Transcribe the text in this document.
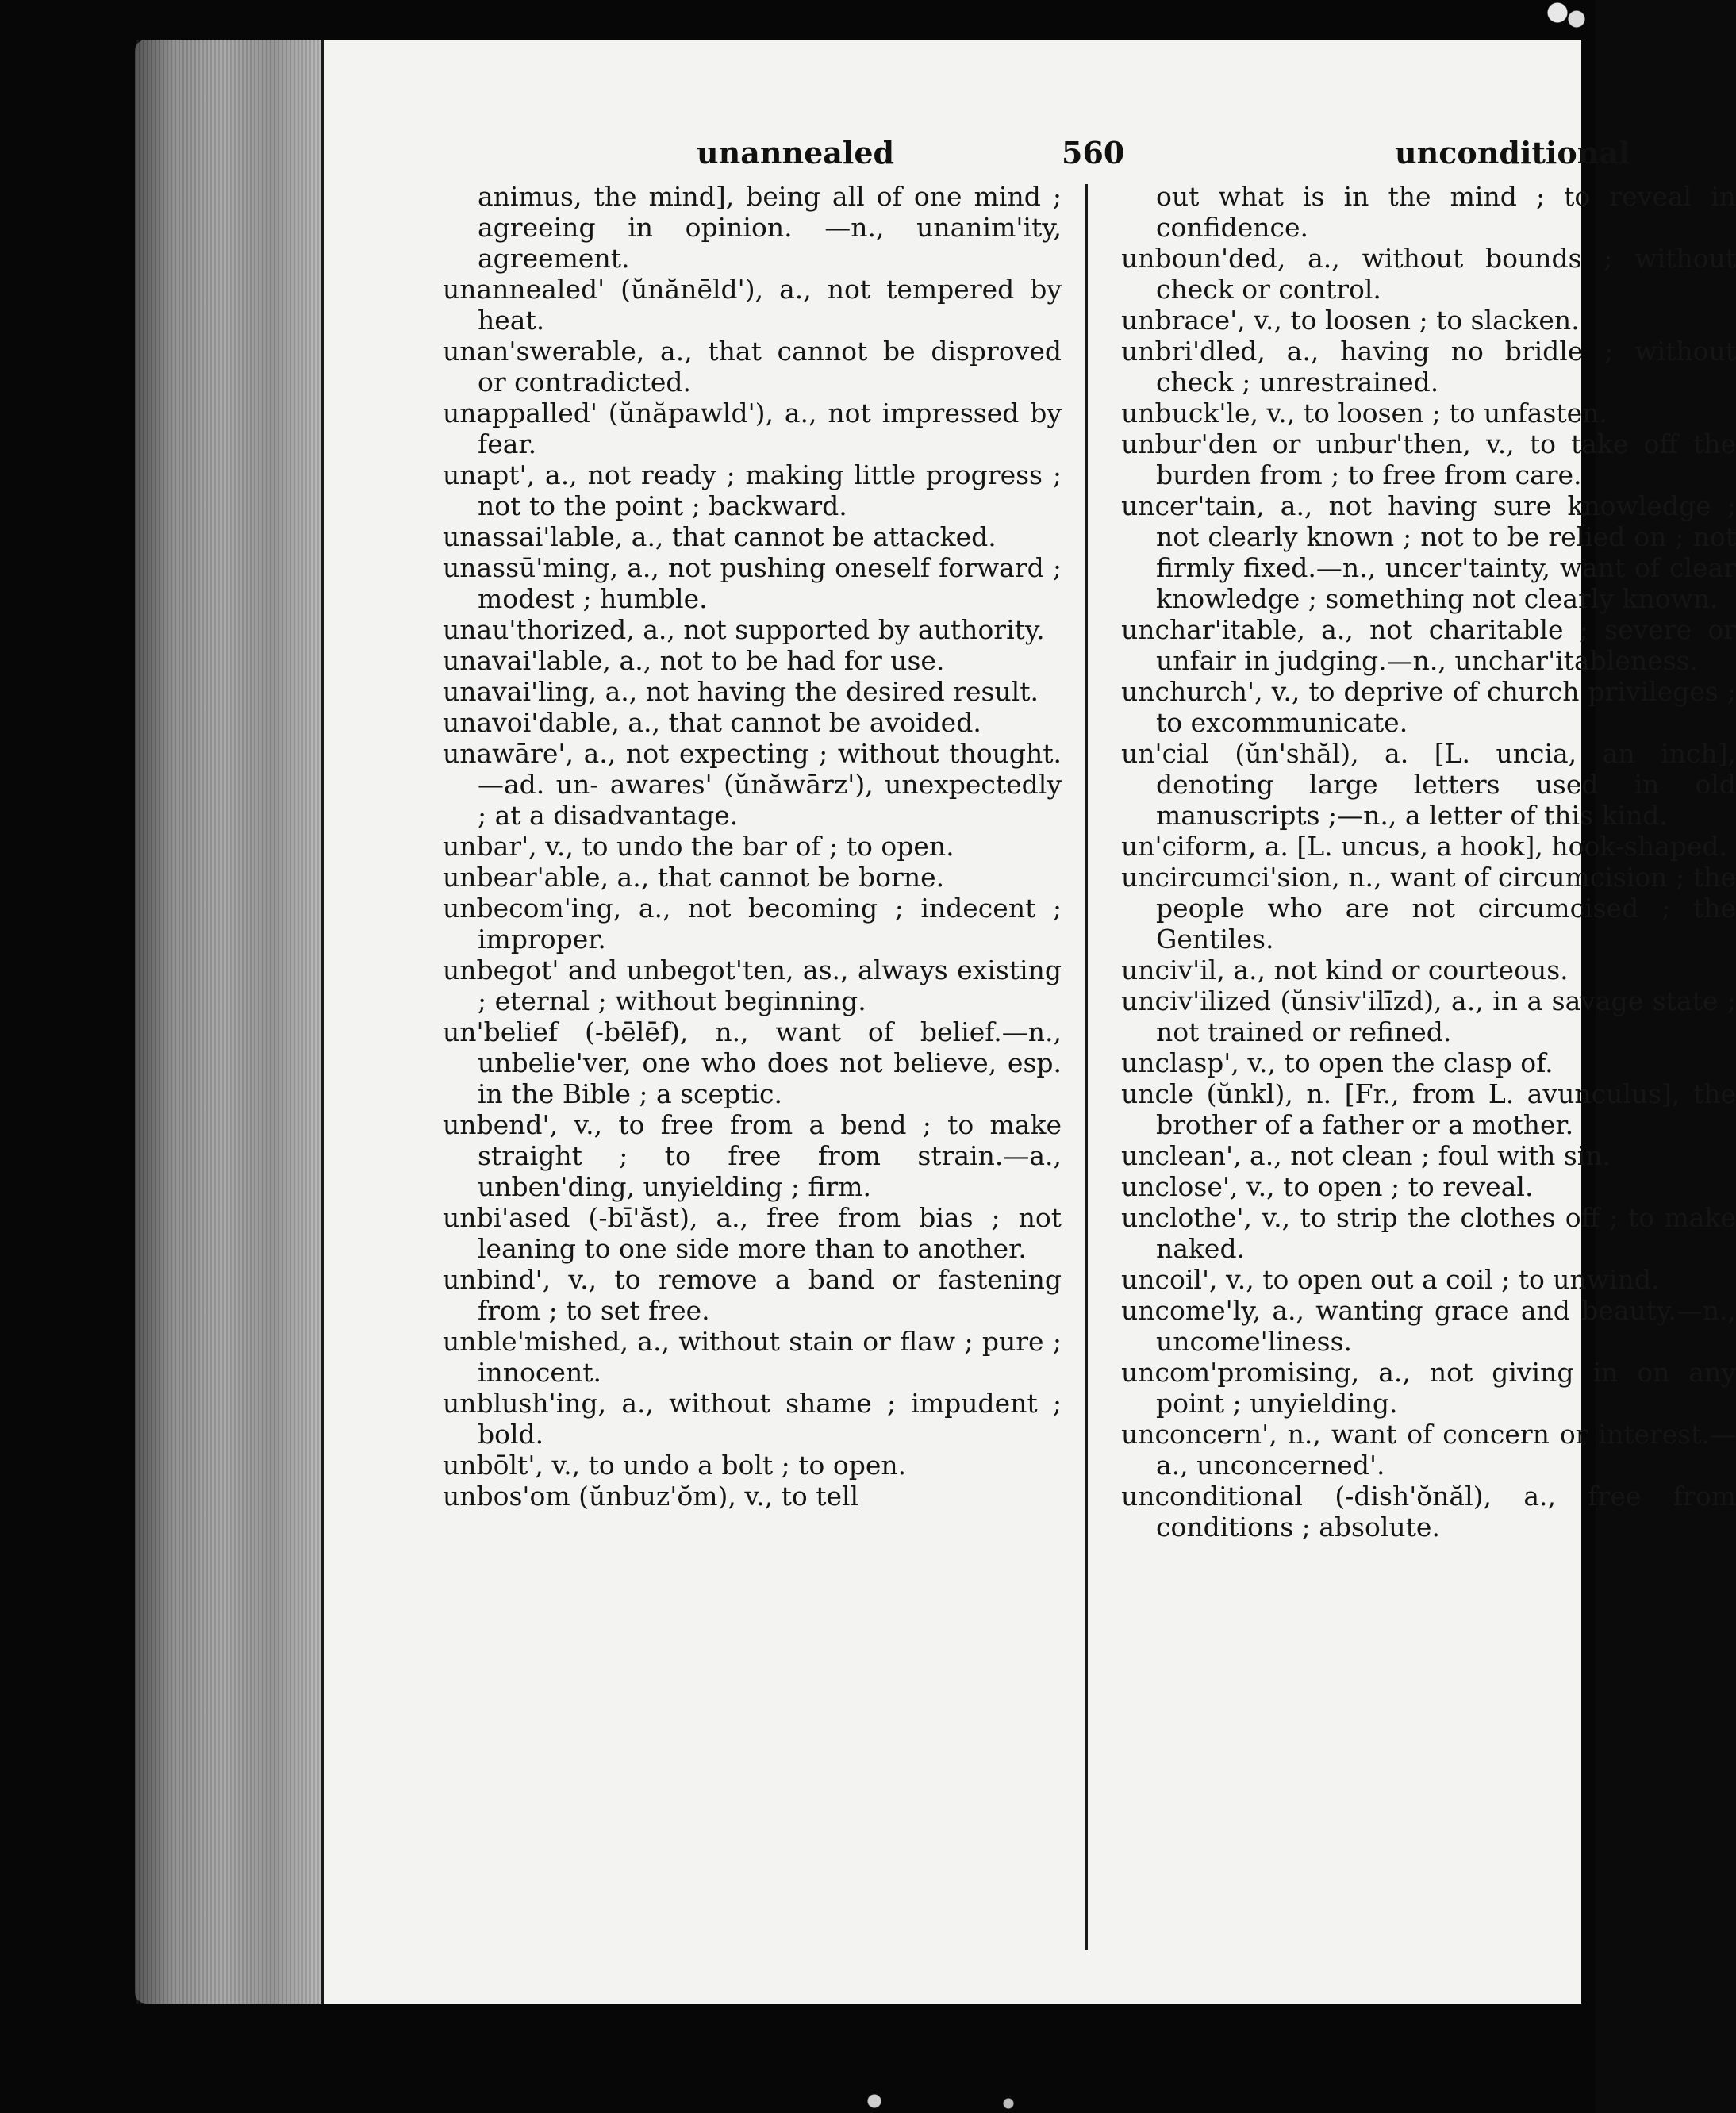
unannealed	560	unconditional

animus, the mind], being all of one mind ; agreeing in opinion. —n., unanim'ity, agreement.

unannealed' (ŭnănēld'), a., not tempered by heat.

unan'swerable, a., that cannot be disproved or contradicted.

unappalled' (ŭnăpawld'), a., not impressed by fear.

unapt', a., not ready ; making little progress ; not to the point ; backward.

unassai'lable, a., that cannot be attacked.

unassū'ming, a., not pushing oneself forward ; modest ; humble.

unau'thorized, a., not supported by authority.

unavai'lable, a., not to be had for use.

unavai'ling, a., not having the desired result.

unavoi'dable, a., that cannot be avoided.

unawāre', a., not expecting ; without thought.—ad. un- awares' (ŭnăwārz'), unexpectedly ; at a disadvantage.

unbar', v., to undo the bar of ; to open.

unbear'able, a., that cannot be borne.

unbecom'ing, a., not becoming ; indecent ; improper.

unbegot' and unbegot'ten, as., always existing ; eternal ; without beginning.

un'belief (-bēlēf), n., want of belief.—n., unbelie'ver, one who does not believe, esp. in the Bible ; a sceptic.

unbend', v., to free from a bend ; to make straight ; to free from strain.—a., unben'ding, unyielding ; firm.

unbi'ased (-bī'ăst), a., free from bias ; not leaning to one side more than to another.

unbind', v., to remove a band or fastening from ; to set free.

unble'mished, a., without stain or flaw ; pure ; innocent.

unblush'ing, a., without shame ; impudent ; bold.

unbōlt', v., to undo a bolt ; to open.

unbos'om (ŭnbuz'ŏm), v., to tell

out what is in the mind ; to reveal in confidence.

unboun'ded, a., without bounds ; without check or control.

unbrace', v., to loosen ; to slacken.

unbri'dled, a., having no bridle ; without check ; unrestrained.

unbuck'le, v., to loosen ; to unfasten.

unbur'den or unbur'then, v., to take off the burden from ; to free from care.

uncer'tain, a., not having sure knowledge ; not clearly known ; not to be relied on ; not firmly fixed.—n., uncer'tainty, want of clear knowledge ; something not clearly known.

unchar'itable, a., not charitable ; severe or unfair in judging.—n., unchar'itableness.

unchurch', v., to deprive of church privileges ; to excommunicate.

un'cial (ŭn'shăl), a. [L. uncia, an inch], denoting large letters used in old manuscripts ;—n., a letter of this kind.

un'ciform, a. [L. uncus, a hook], hook-shaped.

uncircumci'sion, n., want of circumcision ; the people who are not circumcised ; the Gentiles.

unciv'il, a., not kind or courteous.

unciv'ilized (ŭnsiv'ilīzd), a., in a savage state ; not trained or refined.

unclasp', v., to open the clasp of.

uncle (ŭnkl), n. [Fr., from L. avunculus], the brother of a father or a mother.

unclean', a., not clean ; foul with sin.

unclose', v., to open ; to reveal.

unclothe', v., to strip the clothes off ; to make naked.

uncoil', v., to open out a coil ; to unwind.

uncome'ly, a., wanting grace and beauty.—n., uncome'liness.

uncom'promising, a., not giving in on any point ; unyielding.

unconcern', n., want of concern or interest.—a., unconcerned'.

unconditional (-dish'ŏnăl), a., free from conditions ; absolute.
